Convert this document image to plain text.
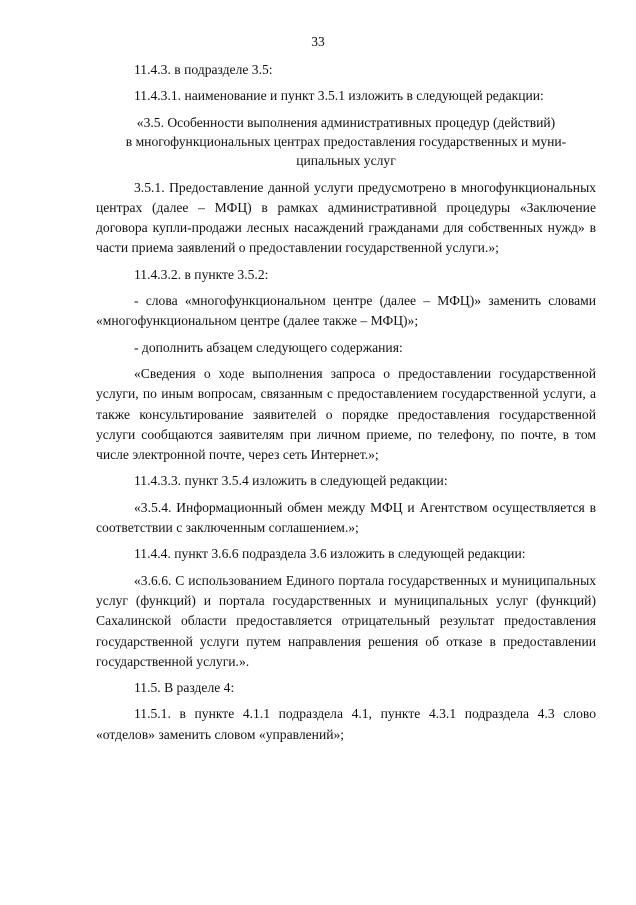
33

11.4.3. в подразделе 3.5:

11.4.3.1. наименование и пункт 3.5.1 изложить в следующей редакции:

«3.5. Особенности выполнения административных процедур (действий)
в многофункциональных центрах предоставления государственных и муни-
ципальных услуг

3.5.1. Предоставление данной услуги предусмотрено в многофункциональных центрах (далее – МФЦ) в рамках административной процедуры «Заключение договора купли-продажи лесных насаждений гражданами для собственных нужд» в части приема заявлений о предоставлении государственной услуги.»;

11.4.3.2. в пункте 3.5.2:

- слова «многофункциональном центре (далее – МФЦ)» заменить словами «многофункциональном центре (далее также – МФЦ)»;

- дополнить абзацем следующего содержания:

«Сведения о ходе выполнения запроса о предоставлении государственной услуги, по иным вопросам, связанным с предоставлением государственной услуги, а также консультирование заявителей о порядке предоставления государственной услуги сообщаются заявителям при личном приеме, по телефону, по почте, в том числе электронной почте, через сеть Интернет.»;

11.4.3.3. пункт 3.5.4 изложить в следующей редакции:

«3.5.4. Информационный обмен между МФЦ и Агентством осуществляется в соответствии с заключенным соглашением.»;

11.4.4. пункт 3.6.6 подраздела 3.6 изложить в следующей редакции:

«3.6.6. С использованием Единого портала государственных и муниципальных услуг (функций) и портала государственных и муниципальных услуг (функций) Сахалинской области предоставляется отрицательный результат предоставления государственной услуги путем направления решения об отказе в предоставлении государственной услуги.».

11.5. В разделе 4:

11.5.1. в пункте 4.1.1 подраздела 4.1, пункте 4.3.1 подраздела 4.3 слово «отделов» заменить словом «управлений»;
